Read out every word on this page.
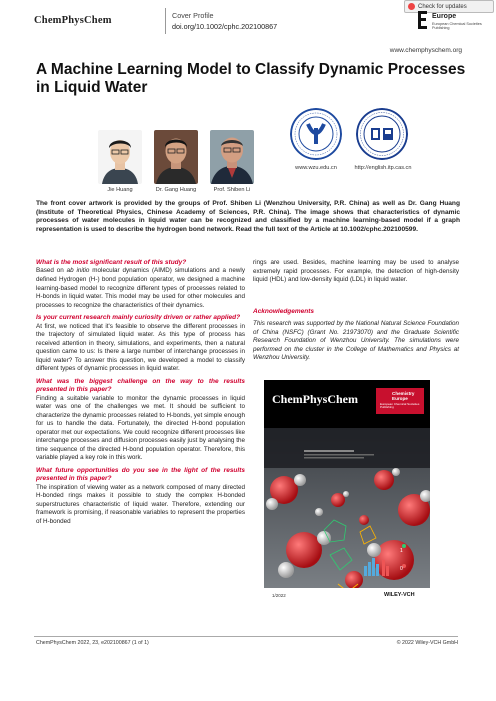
ChemPhysChem	Cover Profile
doi.org/10.1002/cphc.202100867
Check for updates
Europe
European Chemical Societies Publishing
www.chemphyschem.org
A Machine Learning Model to Classify Dynamic Processes in Liquid Water
Jie Huang	Dr. Gang Huang	Prof. Shiben Li
www.wzu.edu.cn	http://english.itp.cas.cn
The front cover artwork is provided by the groups of Prof. Shiben Li (Wenzhou University, P.R. China) as well as Dr. Gang Huang (Institute of Theoretical Physics, Chinese Academy of Sciences, P.R. China). The image shows that characteristics of dynamic processes of water molecules in liquid water can be recognized and classified by a machine learning-based model if a graph representation is used to describe the hydrogen bond network. Read the full text of the Article at 10.1002/cphc.202100599.

What is the most significant result of this study?

Based on ab initio molecular dynamics (AIMD) simulations and a newly defined Hydrogen (H-) bond population operator, we designed a machine learning-based model to recognize different types of processes related to H-bonds in liquid water. This model may be used for other molecules and processes to recognize the characteristics of their dynamics.

Is your current research mainly curiosity driven or rather applied?

At first, we noticed that it's feasible to observe the different processes in the trajectory of simulated liquid water. As this type of process has received attention in theory, simulations, and experiments, then a natural question came to us: Is there a large number of interchange processes in liquid water? To answer this question, we developed a model to classify different types of dynamic processes in liquid water.

What was the biggest challenge on the way to the results presented in this paper?

Finding a suitable variable to monitor the dynamic processes in liquid water was one of the challenges we met. It should be sufficient to characterize the dynamic processes related to H-bonds, yet simple enough for us to handle the data. Fortunately, the directed H-bond population operator met our expectations. We could recognize different processes like interchange processes and diffusion processes easily just by analysing the time sequence of the directed H-bond population operator. Therefore, this variable played a key role in this work.

What future opportunities do you see in the light of the results presented in this paper?

The inspiration of viewing water as a network composed of many directed H-bonded rings makes it possible to study the complex H-bonded superstructures characteristic of liquid water. Therefore, extending our framework is promising, if reasonable variables to represent the properties of H-bonded

rings are used. Besides, machine learning may be used to analyse extremely rapid processes. For example, the detection of high-density liquid (HDL) and low-density liquid (LDL) in liquid water.
Acknowledgements
This research was supported by the National Natural Science Foundation of China (NSFC) (Grant No. 21973070) and the Graduate Scientific Research Foundation of Wenzhou University. The simulations were performed on the cluster in the College of Mathematics and Physics at Wenzhou University.
ChemPhysChem	Chemistry Europe
European Chemical Societies Publishing
1
0
1/2022	WILEY-VCH
ChemPhysChem 2022, 23, e202100867 (1 of 1)	© 2022 Wiley-VCH GmbH
